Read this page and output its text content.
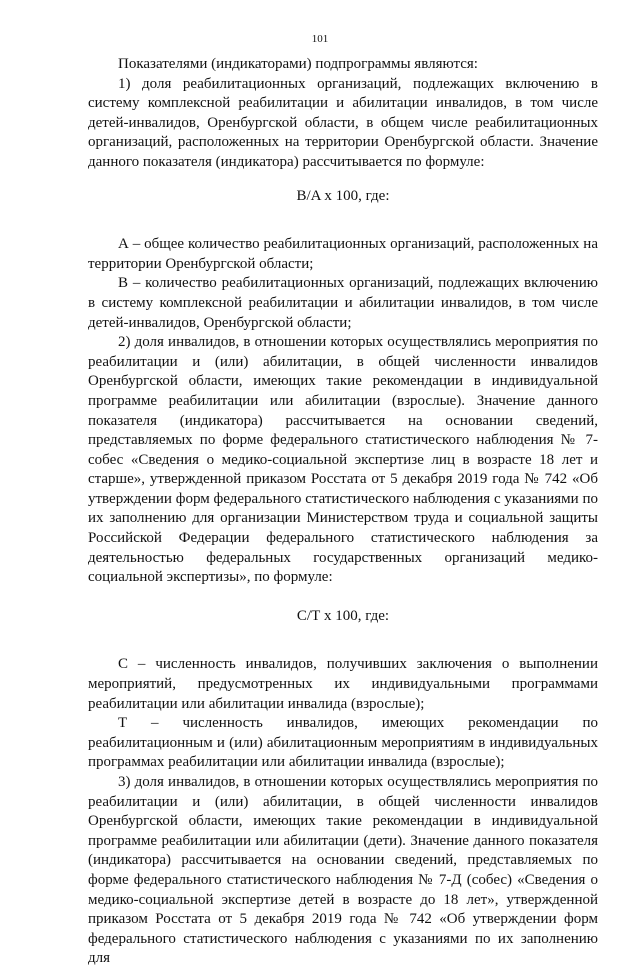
101

Показателями (индикаторами) подпрограммы являются:

1) доля реабилитационных организаций, подлежащих включению в систему комплексной реабилитации и абилитации инвалидов, в том числе детей-инвалидов, Оренбургской области, в общем числе реабилитационных организаций, расположенных на территории Оренбургской области. Значение данного показателя (индикатора) рассчитывается по формуле:

B/A x 100, где:

А – общее количество реабилитационных организаций, расположенных на территории Оренбургской области;

В – количество реабилитационных организаций, подлежащих включению в систему комплексной реабилитации и абилитации инвалидов, в том числе детей-инвалидов, Оренбургской области;

2) доля инвалидов, в отношении которых осуществлялись мероприятия по реабилитации и (или) абилитации, в общей численности инвалидов Оренбургской области, имеющих такие рекомендации в индивидуальной программе реабилитации или абилитации (взрослые). Значение данного показателя (индикатора) рассчитывается на основании сведений, представляемых по форме федерального статистического наблюдения № 7-собес «Сведения о медико-социальной экспертизе лиц в возрасте 18 лет и старше», утвержденной приказом Росстата от 5 декабря 2019 года № 742 «Об утверждении форм федерального статистического наблюдения с указаниями по их заполнению для организации Министерством труда и социальной защиты Российской Федерации федерального статистического наблюдения за деятельностью федеральных государственных организаций медико-социальной экспертизы», по формуле:

С/Т x 100, где:

С – численность инвалидов, получивших заключения о выполнении мероприятий, предусмотренных их индивидуальными программами реабилитации или абилитации инвалида (взрослые);

Т – численность инвалидов, имеющих рекомендации по реабилитационным и (или) абилитационным мероприятиям в индивидуальных программах реабилитации или абилитации инвалида (взрослые);

3) доля инвалидов, в отношении которых осуществлялись мероприятия по реабилитации и (или) абилитации, в общей численности инвалидов Оренбургской области, имеющих такие рекомендации в индивидуальной программе реабилитации или абилитации (дети). Значение данного показателя (индикатора) рассчитывается на основании сведений, представляемых по форме федерального статистического наблюдения № 7-Д (собес) «Сведения о медико-социальной экспертизе детей в возрасте до 18 лет», утвержденной приказом Росстата от 5 декабря 2019 года № 742 «Об утверждении форм федерального статистического наблюдения с указаниями по их заполнению для
